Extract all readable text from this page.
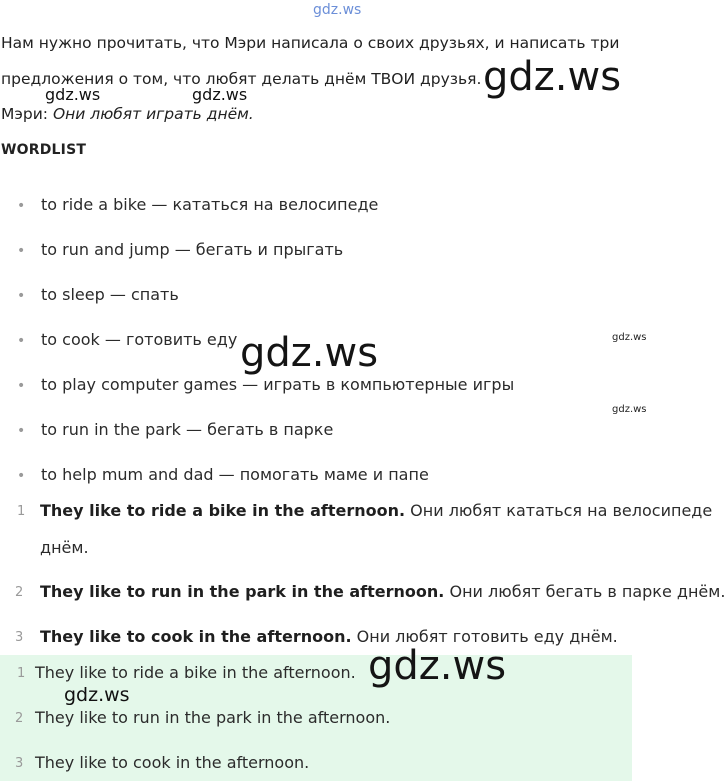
gdz.ws
Нам нужно прочитать, что Мэри написала о своих друзьях, и написать три
предложения о том, что любят делать днём ТВОИ друзья.
Мэри: Они любят играть днём.
WORDLIST
• to ride a bike — кататься на велосипеде
• to run and jump — бегать и прыгать
• to sleep — спать
• to cook — готовить еду
• to play computer games — играть в компьютерные игры
• to run in the park — бегать в парке
• to help mum and dad — помогать маме и папе
1 They like to ride a bike in the afternoon. Они любят кататься на велосипеде
днём.
2 They like to run in the park in the afternoon. Они любят бегать в парке днём.
3 They like to cook in the afternoon. Они любят готовить еду днём.
1 They like to ride a bike in the afternoon.
2 They like to run in the park in the afternoon.
3 They like to cook in the afternoon.
gdz.ws
gdz.ws	gdz.ws
gdz.ws	gdz.ws
gdz.ws
gdz.ws
gdz.ws
